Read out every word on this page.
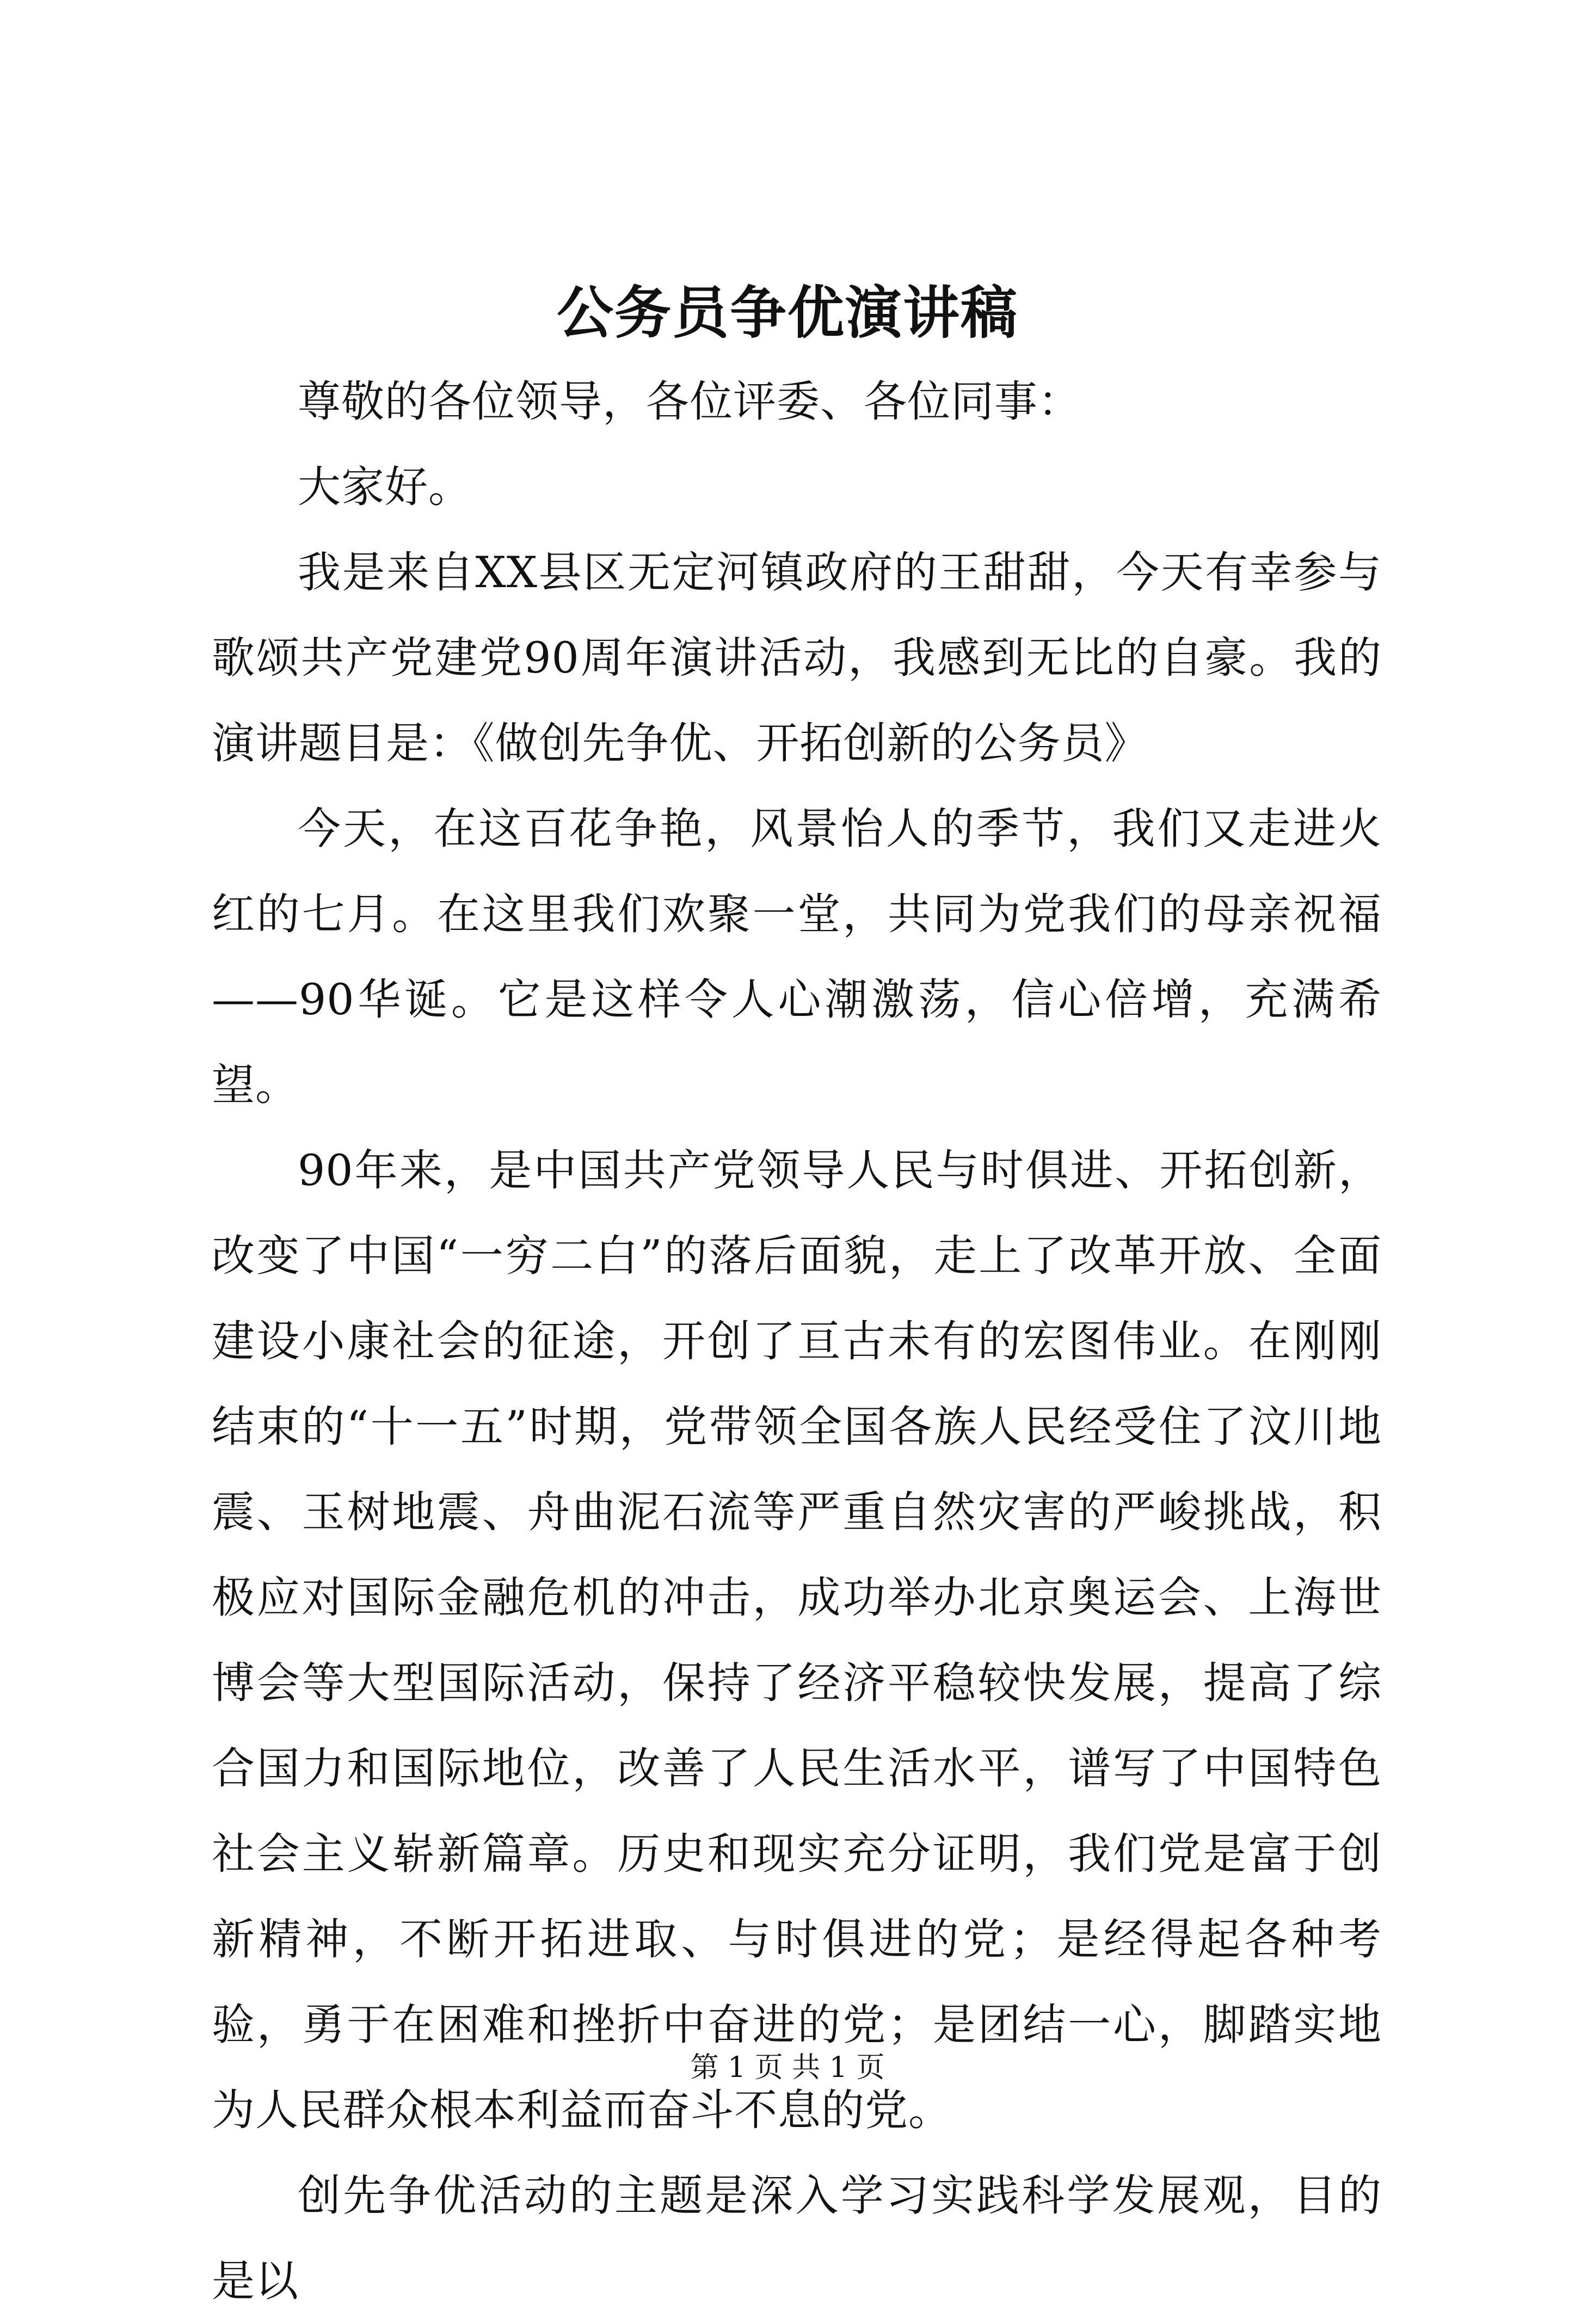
公务员争优演讲稿

尊敬的各位领导，各位评委、各位同事：

大家好。

我是来自XX县区无定河镇政府的王甜甜，今天有幸参与歌颂共产党建党90周年演讲活动，我感到无比的自豪。我的演讲题目是：《做创先争优、开拓创新的公务员》

今天，在这百花争艳，风景怡人的季节，我们又走进火红的七月。在这里我们欢聚一堂，共同为党我们的母亲祝福——90华诞。它是这样令人心潮激荡，信心倍增，充满希望。

90年来，是中国共产党领导人民与时俱进、开拓创新，改变了中国“一穷二白”的落后面貌，走上了改革开放、全面建设小康社会的征途，开创了亘古未有的宏图伟业。在刚刚结束的“十一五”时期，党带领全国各族人民经受住了汶川地震、玉树地震、舟曲泥石流等严重自然灾害的严峻挑战，积极应对国际金融危机的冲击，成功举办北京奥运会、上海世博会等大型国际活动，保持了经济平稳较快发展，提高了综合国力和国际地位，改善了人民生活水平，谱写了中国特色社会主义崭新篇章。历史和现实充分证明，我们党是富于创新精神，不断开拓进取、与时俱进的党；是经得起各种考验，勇于在困难和挫折中奋进的党；是团结一心，脚踏实地为人民群众根本利益而奋斗不息的党。

创先争优活动的主题是深入学习实践科学发展观，目的是以

第 1 页 共 1 页
